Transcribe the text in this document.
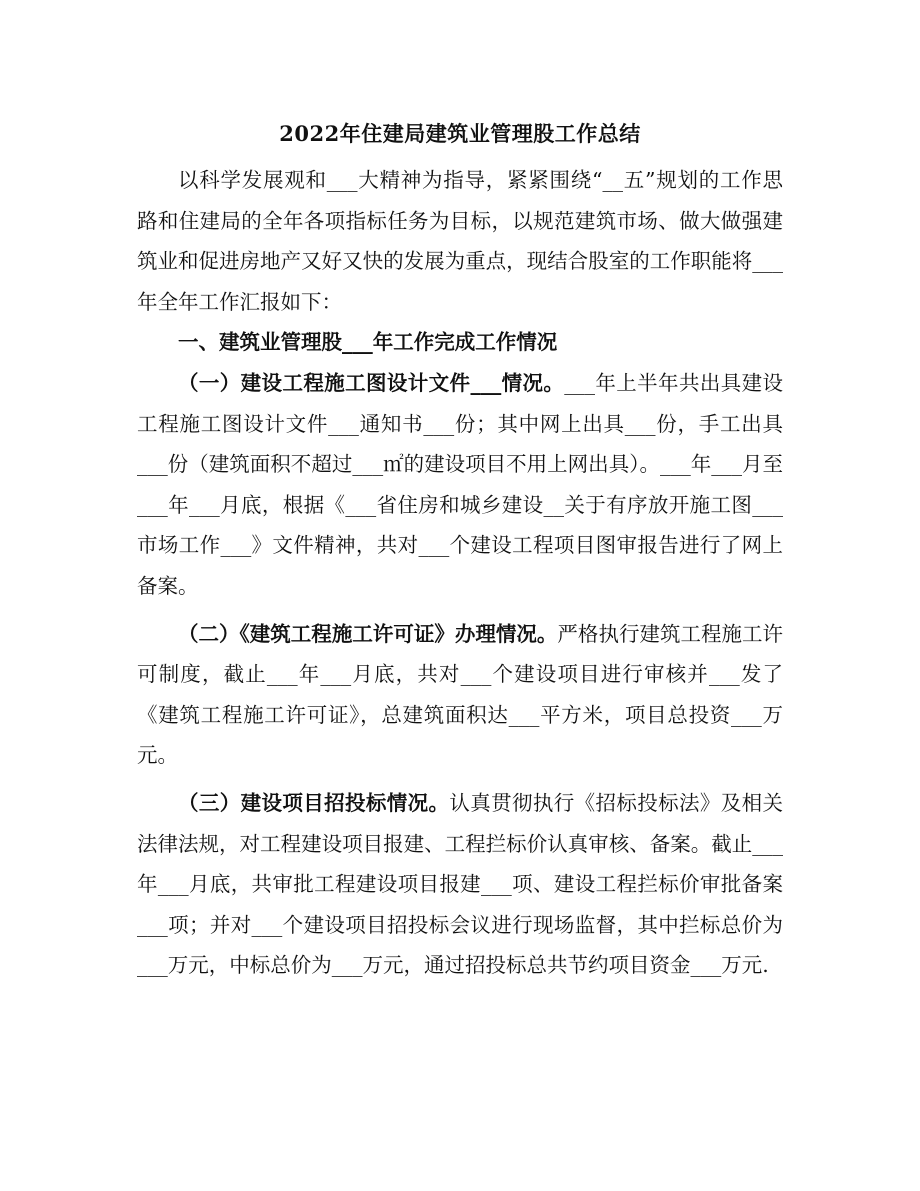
2022年住建局建筑业管理股工作总结

以科学发展观和___大精神为指导，紧紧围绕“__五”规划的工作思路和住建局的全年各项指标任务为目标，以规范建筑市场、做大做强建筑业和促进房地产又好又快的发展为重点，现结合股室的工作职能将___年全年工作汇报如下：

一、建筑业管理股___年工作完成工作情况

（一）建设工程施工图设计文件___情况。___年上半年共出具建设工程施工图设计文件___通知书___份；其中网上出具___份，手工出具___份（建筑面积不超过___㎡的建设项目不用上网出具）。___年___月至___年___月底，根据《___省住房和城乡建设__关于有序放开施工图___市场工作___》文件精神，共对___个建设工程项目图审报告进行了网上备案。

（二）《建筑工程施工许可证》办理情况。严格执行建筑工程施工许可制度，截止___年___月底，共对___个建设项目进行审核并___发了《建筑工程施工许可证》，总建筑面积达___平方米，项目总投资___万元。

（三）建设项目招投标情况。认真贯彻执行《招标投标法》及相关法律法规，对工程建设项目报建、工程拦标价认真审核、备案。截止___年___月底，共审批工程建设项目报建___项、建设工程拦标价审批备案___项；并对___个建设项目招投标会议进行现场监督，其中拦标总价为___万元，中标总价为___万元，通过招投标总共节约项目资金___万元.
